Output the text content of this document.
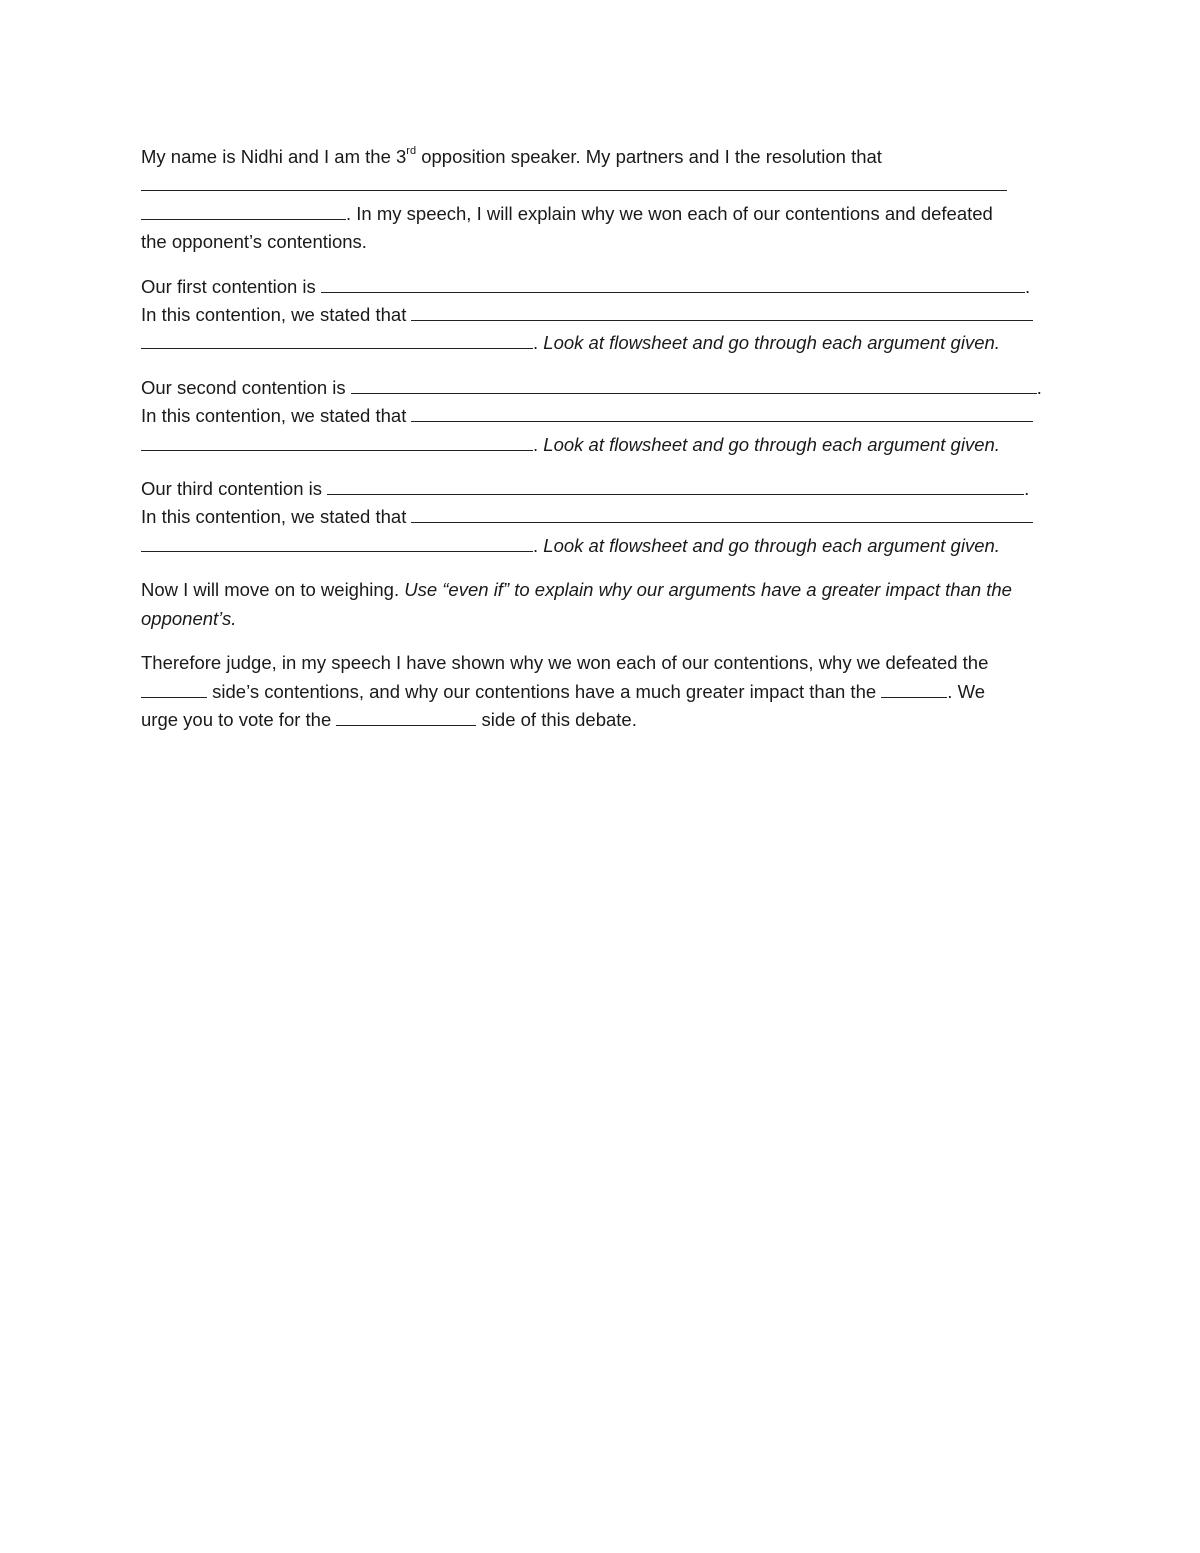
My name is Nidhi and I am the 3rd opposition speaker. My partners and I the resolution that
. In my speech, I will explain why we won each of our contentions and defeated
the opponent’s contentions.
Our first contention is	.
In this contention, we stated that
. Look at flowsheet and go through each argument given.
Our second contention is	.
In this contention, we stated that
. Look at flowsheet and go through each argument given.
Our third contention is	.
In this contention, we stated that
. Look at flowsheet and go through each argument given.
Now I will move on to weighing. Use “even if” to explain why our arguments have a greater impact than the opponent’s.
Therefore judge, in my speech I have shown why we won each of our contentions, why we defeated the
side’s contentions, and why our contentions have a much greater impact than the	. We
urge you to vote for the	side of this debate.
